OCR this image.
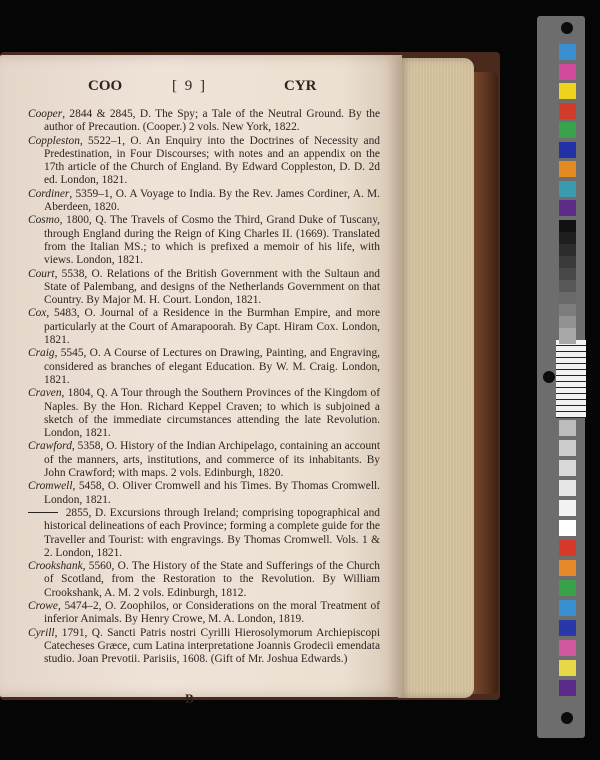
COO	[ 9 ]	CYR

Cooper, 2844 & 2845, D. The Spy; a Tale of the Neutral Ground. By the author of Precaution. (Cooper.) 2 vols. New York, 1822.

Coppleston, 5522–1, O. An Enquiry into the Doctrines of Necessity and Predestination, in Four Discourses; with notes and an appendix on the 17th article of the Church of England. By Edward Coppleston, D. D. 2d ed. London, 1821.

Cordiner, 5359–1, O. A Voyage to India. By the Rev. James Cordiner, A. M. Aberdeen, 1820.

Cosmo, 1800, Q. The Travels of Cosmo the Third, Grand Duke of Tuscany, through England during the Reign of King Charles II. (1669). Translated from the Italian MS.; to which is prefixed a memoir of his life, with views. London, 1821.

Court, 5538, O. Relations of the British Government with the Sultaun and State of Palembang, and designs of the Netherlands Government on that Country. By Major M. H. Court. London, 1821.

Cox, 5483, O. Journal of a Residence in the Burmhan Empire, and more particularly at the Court of Amarapoorah. By Capt. Hiram Cox. London, 1821.

Craig, 5545, O. A Course of Lectures on Drawing, Painting, and Engraving, considered as branches of elegant Education. By W. M. Craig. London, 1821.

Craven, 1804, Q. A Tour through the Southern Provinces of the Kingdom of Naples. By the Hon. Richard Keppel Craven; to which is subjoined a sketch of the immediate circumstances attending the late Revolution. London, 1821.

Crawford, 5358, O. History of the Indian Archipelago, containing an account of the manners, arts, institutions, and commerce of its inhabitants. By John Crawford; with maps. 2 vols. Edinburgh, 1820.

Cromwell, 5458, O. Oliver Cromwell and his Times. By Thomas Cromwell. London, 1821.

2855, D. Excursions through Ireland; comprising topographical and historical delineations of each Province; forming a complete guide for the Traveller and Tourist: with engravings. By Thomas Cromwell. Vols. 1 & 2. London, 1821.

Crookshank, 5560, O. The History of the State and Sufferings of the Church of Scotland, from the Restoration to the Revolution. By William Crookshank, A. M. 2 vols. Edinburgh, 1812.

Crowe, 5474–2, O. Zoophilos, or Considerations on the moral Treatment of inferior Animals. By Henry Crowe, M. A. London, 1819.

Cyrill, 1791, Q. Sancti Patris nostri Cyrilli Hierosolymorum Archiepiscopi Catecheses Græce, cum Latina interpretatione Joannis Grodecii emendata studio. Joan Prevotii. Parisiis, 1608. (Gift of Mr. Joshua Edwards.)

B
